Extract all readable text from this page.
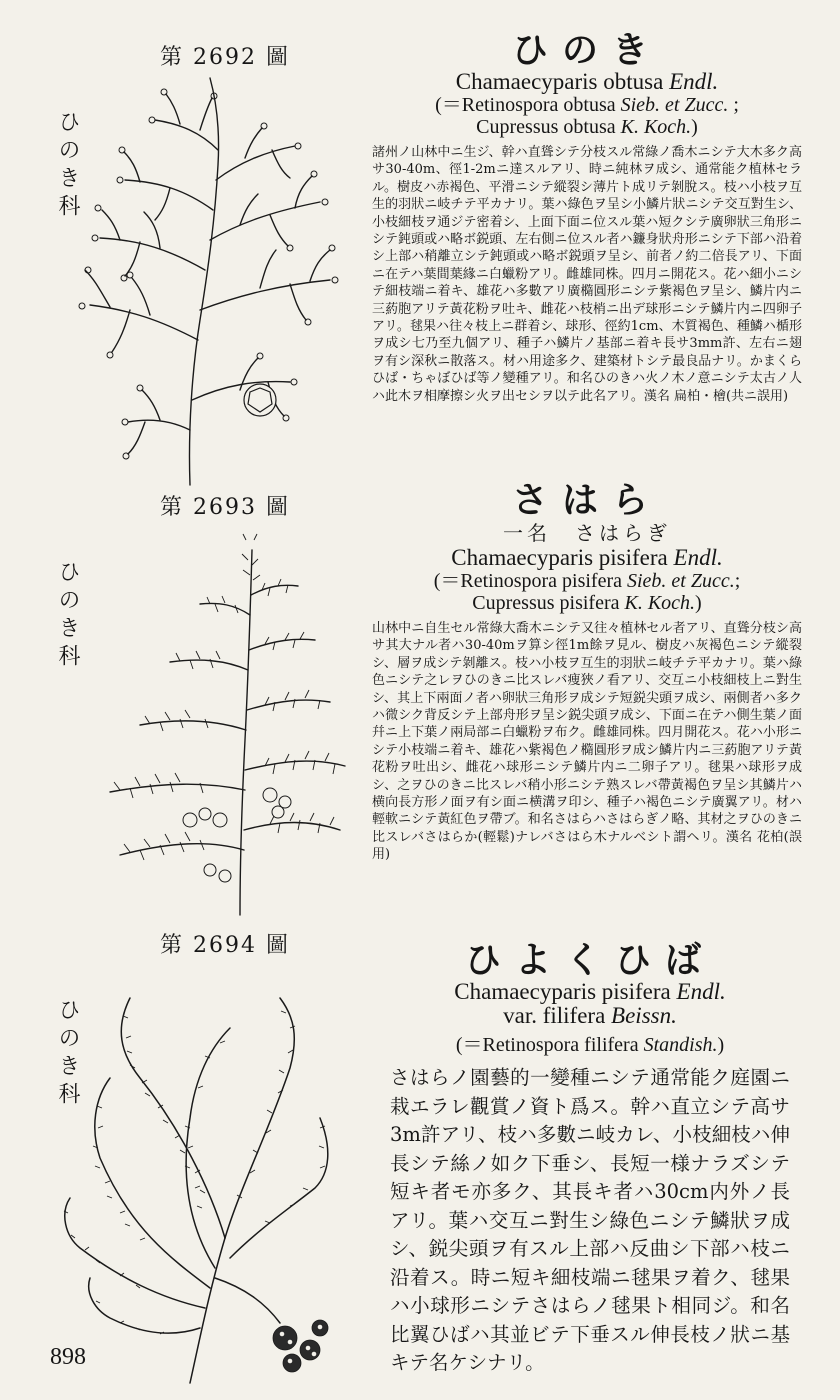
第 2692 圖
ひのき科
ひのき
Chamaecyparis obtusa Endl.
(＝Retinospora obtusa Sieb. et Zucc. ;
Cupressus obtusa K. Koch.)
諸州ノ山林中ニ生ジ、幹ハ直聳シテ分枝スル常綠ノ喬木ニシテ大木多ク高サ30-40m、徑1-2mニ達スルアリ、時ニ純林ヲ成シ、通常能ク植林セラル。樹皮ハ赤褐色、平滑ニシテ縱裂シ薄片ト成リテ剝脫ス。枝ハ小枝ヲ互生的羽狀ニ岐チテ平カナリ。葉ハ綠色ヲ呈シ小鱗片狀ニシテ交互對生シ、小枝細枝ヲ通ジテ密着シ、上面下面ニ位スル葉ハ短クシテ廣卵狀三角形ニシテ鈍頭或ハ略ボ鋭頭、左右側ニ位スル者ハ鐮身狀舟形ニシテ下部ハ沿着シ上部ハ稍離立シテ鈍頭或ハ略ボ鋭頭ヲ呈シ、前者ノ約二倍長アリ、下面ニ在テハ葉間葉緣ニ白蠟粉アリ。雌雄同株。四月ニ開花ス。花ハ細小ニシテ細枝端ニ着キ、雄花ハ多數アリ廣橢圓形ニシテ紫褐色ヲ呈シ、鱗片内ニ三葯胞アリテ黃花粉ヲ吐キ、雌花ハ枝梢ニ出デ球形ニシテ鱗片内ニ四卵子アリ。毬果ハ往々枝上ニ群着シ、球形、徑約1cm、木質褐色、種鱗ハ楯形ヲ成シ七乃至九個アリ、種子ハ鱗片ノ基部ニ着キ長サ3mm許、左右ニ翅ヲ有シ深秋ニ散落ス。材ハ用途多ク、建築材トシテ最良品ナリ。かまくらひば・ちゃぼひば等ノ變種アリ。和名ひのきハ火ノ木ノ意ニシテ太古ノ人ハ此木ヲ相摩擦シ火ヲ出セシヲ以テ此名アリ。漢名 扁柏・檜(共ニ誤用)
第 2693 圖
ひのき科
さはら
一名　さはらぎ
Chamaecyparis pisifera Endl.
(＝Retinospora pisifera Sieb. et Zucc.;
Cupressus pisifera K. Koch.)
山林中ニ自生セル常綠大喬木ニシテ又往々植林セル者アリ、直聳分枝シ高サ其大ナル者ハ30-40mヲ算シ徑1m餘ヲ見ル、樹皮ハ灰褐色ニシテ縱裂シ、層ヲ成シテ剝離ス。枝ハ小枝ヲ互生的羽狀ニ岐チテ平カナリ。葉ハ綠色ニシテ之レヲひのきニ比スレバ痩狹ノ看アリ、交互ニ小枝細枝上ニ對生シ、其上下兩面ノ者ハ卵狀三角形ヲ成シテ短鋭尖頭ヲ成シ、兩側者ハ多クハ微シク背反シテ上部舟形ヲ呈シ鋭尖頭ヲ成シ、下面ニ在テハ側生葉ノ面幷ニ上下葉ノ兩局部ニ白蠟粉ヲ布ク。雌雄同株。四月開花ス。花ハ小形ニシテ小枝端ニ着キ、雄花ハ紫褐色ノ橢圓形ヲ成シ鱗片内ニ三葯胞アリテ黃花粉ヲ吐出シ、雌花ハ球形ニシテ鱗片内ニ二卵子アリ。毬果ハ球形ヲ成シ、之ヲひのきニ比スレバ稍小形ニシテ熟スレバ帶黃褐色ヲ呈シ其鱗片ハ横向長方形ノ面ヲ有シ面ニ横溝ヲ印シ、種子ハ褐色ニシテ廣翼アリ。材ハ輕軟ニシテ黃紅色ヲ帶ブ。和名さはらハさはらぎノ略、其材之ヲひのきニ比スレバさはらか(輕鬆)ナレバさはら木ナルベシト謂ヘリ。漢名 花柏(誤用)
第 2694 圖
ひのき科
ひよくひば
Chamaecyparis pisifera Endl.
var. filifera Beissn.
(＝Retinospora filifera Standish.)
さはらノ園藝的一變種ニシテ通常能ク庭園ニ栽エラレ觀賞ノ資ト爲ス。幹ハ直立シテ高サ3m許アリ、枝ハ多數ニ岐カレ、小枝細枝ハ伸長シテ絲ノ如ク下垂シ、長短一様ナラズシテ短キ者モ亦多ク、其長キ者ハ30cm内外ノ長アリ。葉ハ交互ニ對生シ綠色ニシテ鱗狀ヲ成シ、鋭尖頭ヲ有スル上部ハ反曲シ下部ハ枝ニ沿着ス。時ニ短キ細枝端ニ毬果ヲ着ク、毬果ハ小球形ニシテさはらノ毬果ト相同ジ。和名比翼ひばハ其並ビテ下垂スル伸長枝ノ狀ニ基キテ名ケシナリ。
898
